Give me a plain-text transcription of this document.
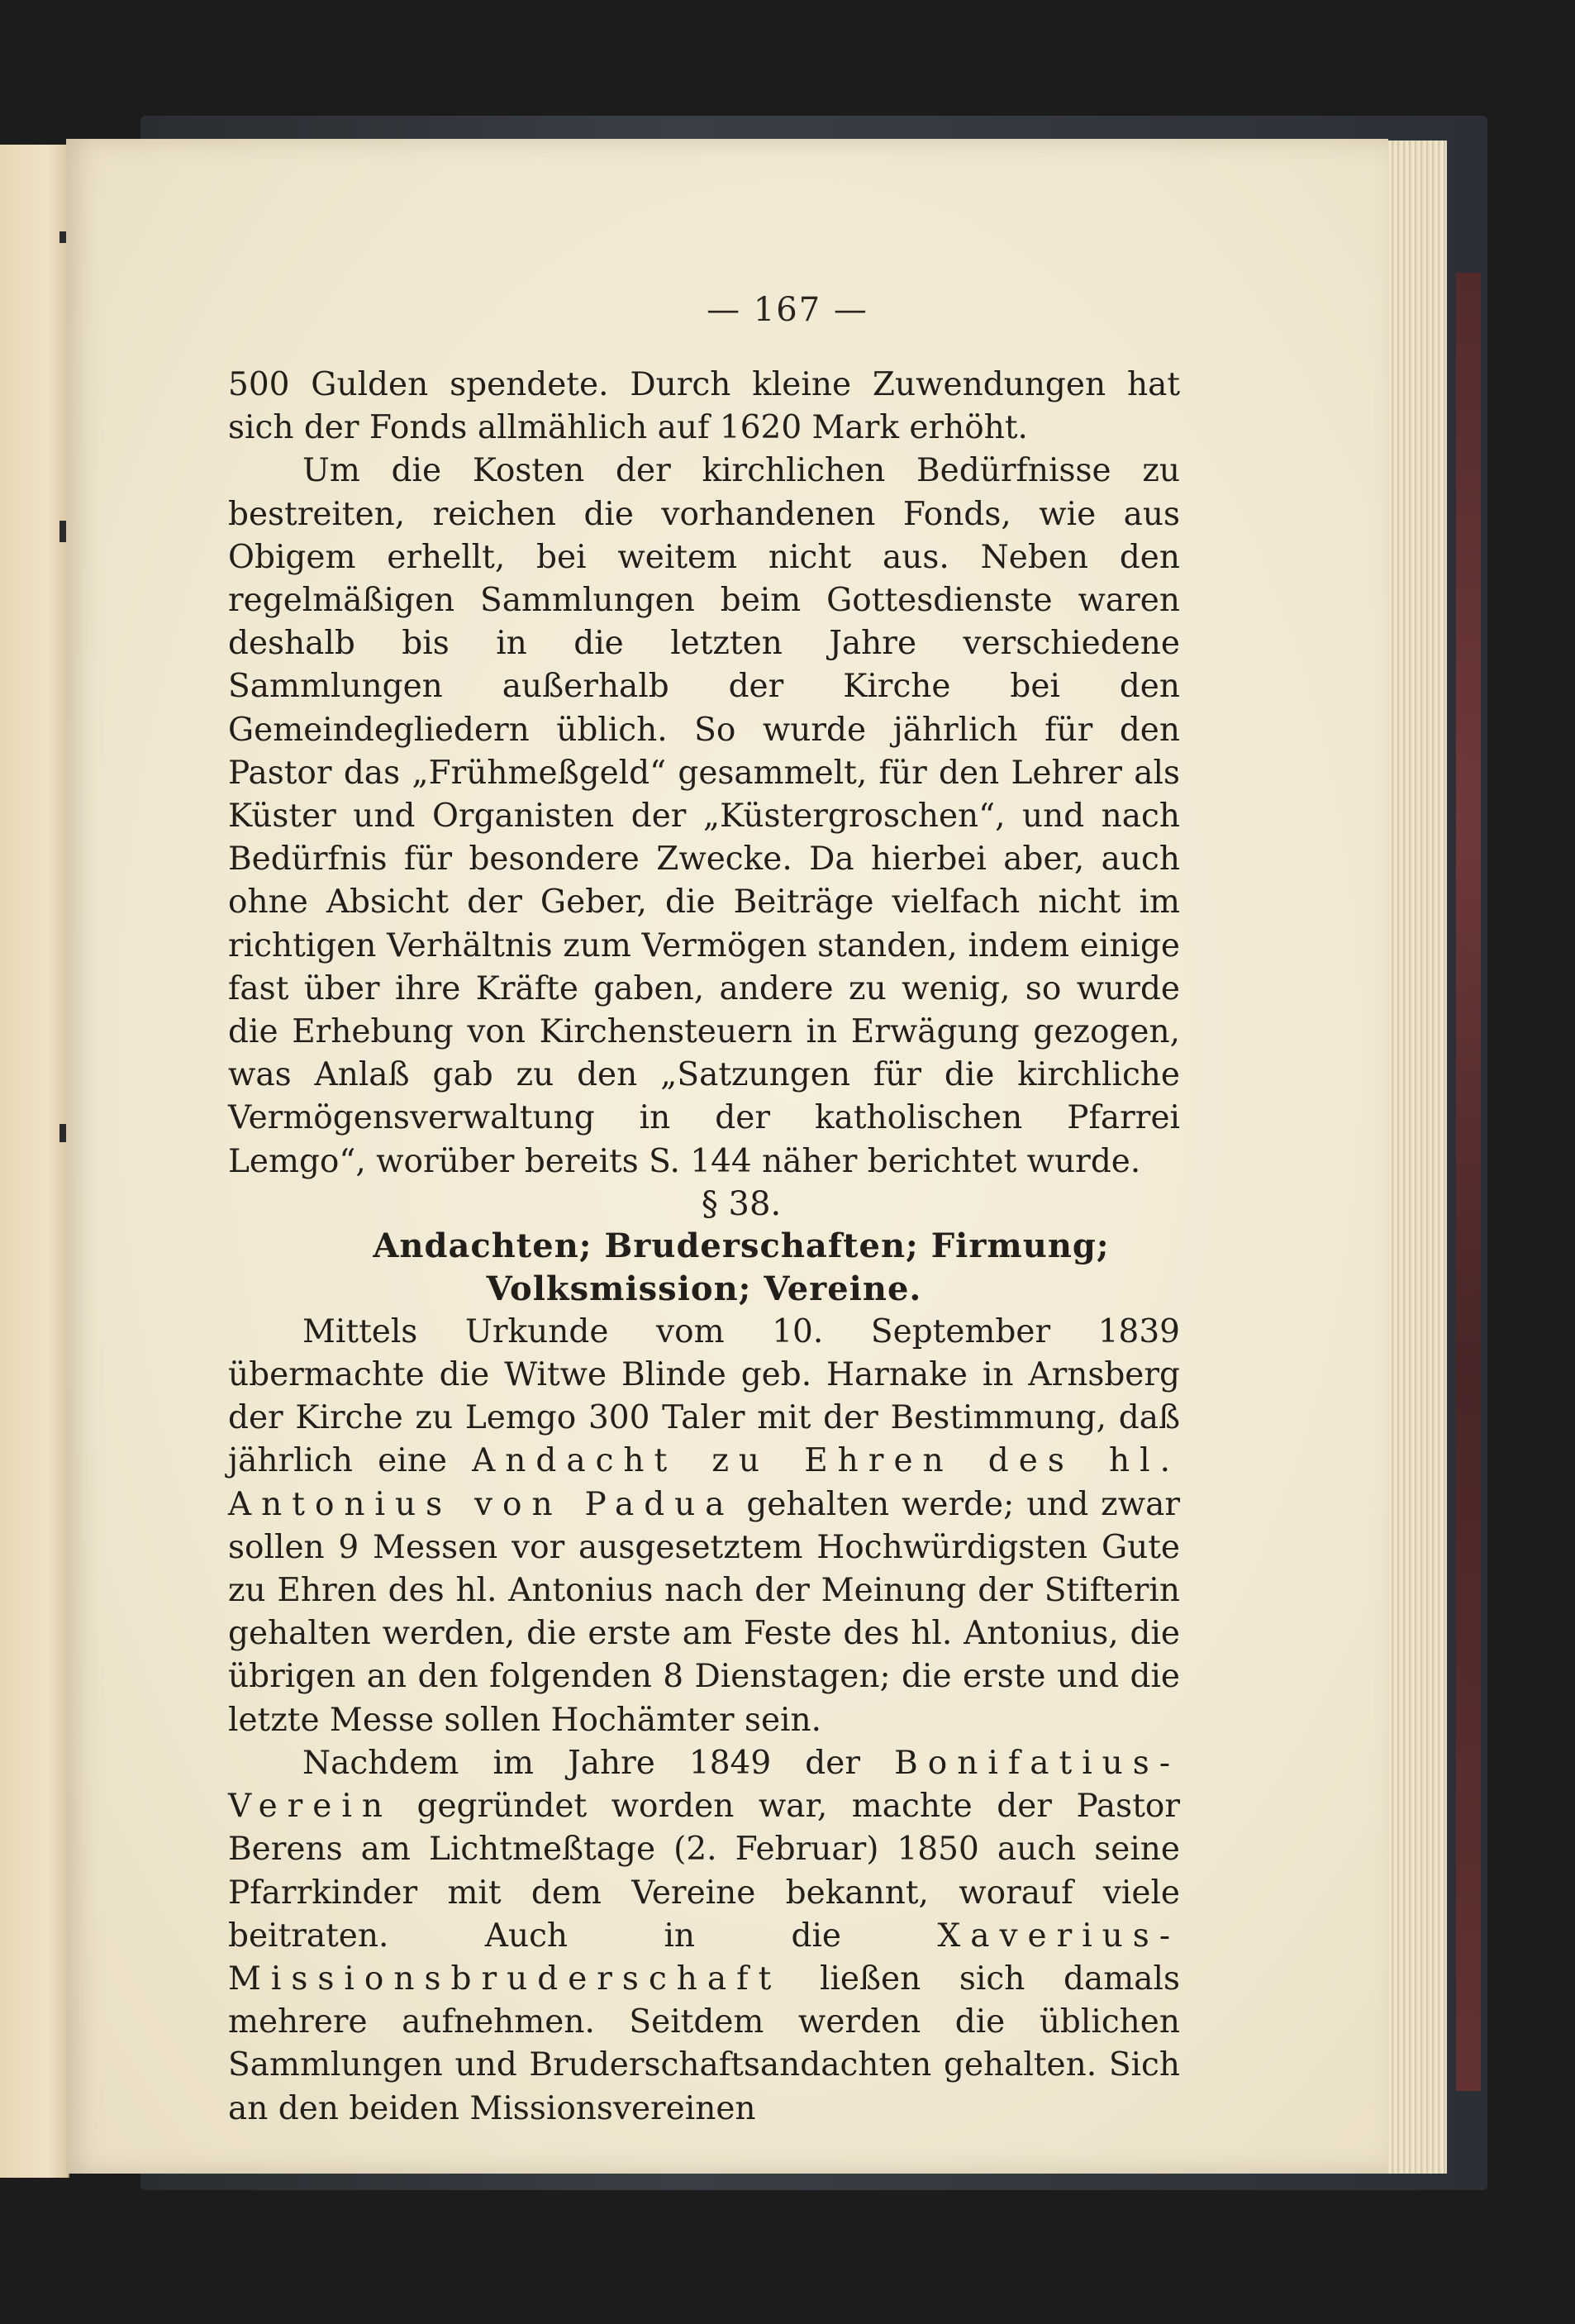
— 167 —

500 Gulden spendete. Durch kleine Zuwendungen hat sich der Fonds allmählich auf 1620 Mark erhöht.

Um die Kosten der kirchlichen Bedürfnisse zu bestreiten, reichen die vorhandenen Fonds, wie aus Obigem erhellt, bei weitem nicht aus. Neben den regelmäßigen Sammlungen beim Gottesdienste waren deshalb bis in die letzten Jahre verschiedene Sammlungen außerhalb der Kirche bei den Gemeindegliedern üblich. So wurde jährlich für den Pastor das „Frühmeßgeld“ gesammelt, für den Lehrer als Küster und Organisten der „Küstergroschen“, und nach Bedürfnis für besondere Zwecke. Da hierbei aber, auch ohne Absicht der Geber, die Beiträge vielfach nicht im richtigen Verhältnis zum Vermögen standen, indem einige fast über ihre Kräfte gaben, andere zu wenig, so wurde die Erhebung von Kirchensteuern in Erwägung gezogen, was Anlaß gab zu den „Satzungen für die kirchliche Vermögensverwaltung in der katholischen Pfarrei Lemgo“, worüber bereits S. 144 näher berichtet wurde.

§ 38.

Andachten; Bruderschaften; Firmung; Volksmission; Vereine.

Mittels Urkunde vom 10. September 1839 übermachte die Witwe Blinde geb. Harnake in Arnsberg der Kirche zu Lemgo 300 Taler mit der Bestimmung, daß jährlich eine Andacht zu Ehren des hl. Antonius von Padua gehalten werde; und zwar sollen 9 Messen vor ausgesetztem Hochwürdigsten Gute zu Ehren des hl. Antonius nach der Meinung der Stifterin gehalten werden, die erste am Feste des hl. Antonius, die übrigen an den folgenden 8 Dienstagen; die erste und die letzte Messe sollen Hochämter sein.

Nachdem im Jahre 1849 der Bonifatius-Verein gegründet worden war, machte der Pastor Berens am Lichtmeßtage (2. Februar) 1850 auch seine Pfarrkinder mit dem Vereine bekannt, worauf viele beitraten. Auch in die Xaverius-Missionsbruderschaft ließen sich damals mehrere aufnehmen. Seitdem werden die üblichen Sammlungen und Bruderschaftsandachten gehalten. Sich an den beiden Missionsvereinen
